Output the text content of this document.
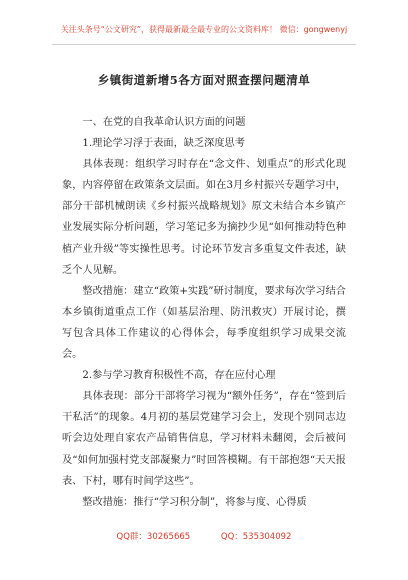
关注头条号“公文研究”，获得最新最全最专业的公文资料库！ 微信：gongwenyj
乡镇街道新增5各方面对照查摆问题清单

一、在党的自我革命认识方面的问题

1.理论学习浮于表面，缺乏深度思考

具体表现：组织学习时存在“念文件、划重点”的形式化现象，内容停留在政策条文层面。如在3月乡村振兴专题学习中，部分干部机械朗读《乡村振兴战略规划》原文未结合本乡镇产业发展实际分析问题，学习笔记多为摘抄少见“如何推动特色种植产业升级”等实操性思考。讨论环节发言多重复文件表述，缺乏个人见解。

整改措施：建立“政策+实践”研讨制度，要求每次学习结合本乡镇街道重点工作（如基层治理、防汛救灾）开展讨论，撰写包含具体工作建议的心得体会，每季度组织学习成果交流会。

2.参与学习教育积极性不高，存在应付心理

具体表现：部分干部将学习视为“额外任务”，存在“签到后干私活”的现象。4月初的基层党建学习会上，发现个别同志边听会边处理自家农产品销售信息，学习材料未翻阅，会后被问及“如何加强村党支部凝聚力”时回答模糊。有干部抱怨“天天报表、下村，哪有时间学这些”。

整改措施：推行“学习积分制”，将参与度、心得质

QQ群：30265665	QQ：535304092
